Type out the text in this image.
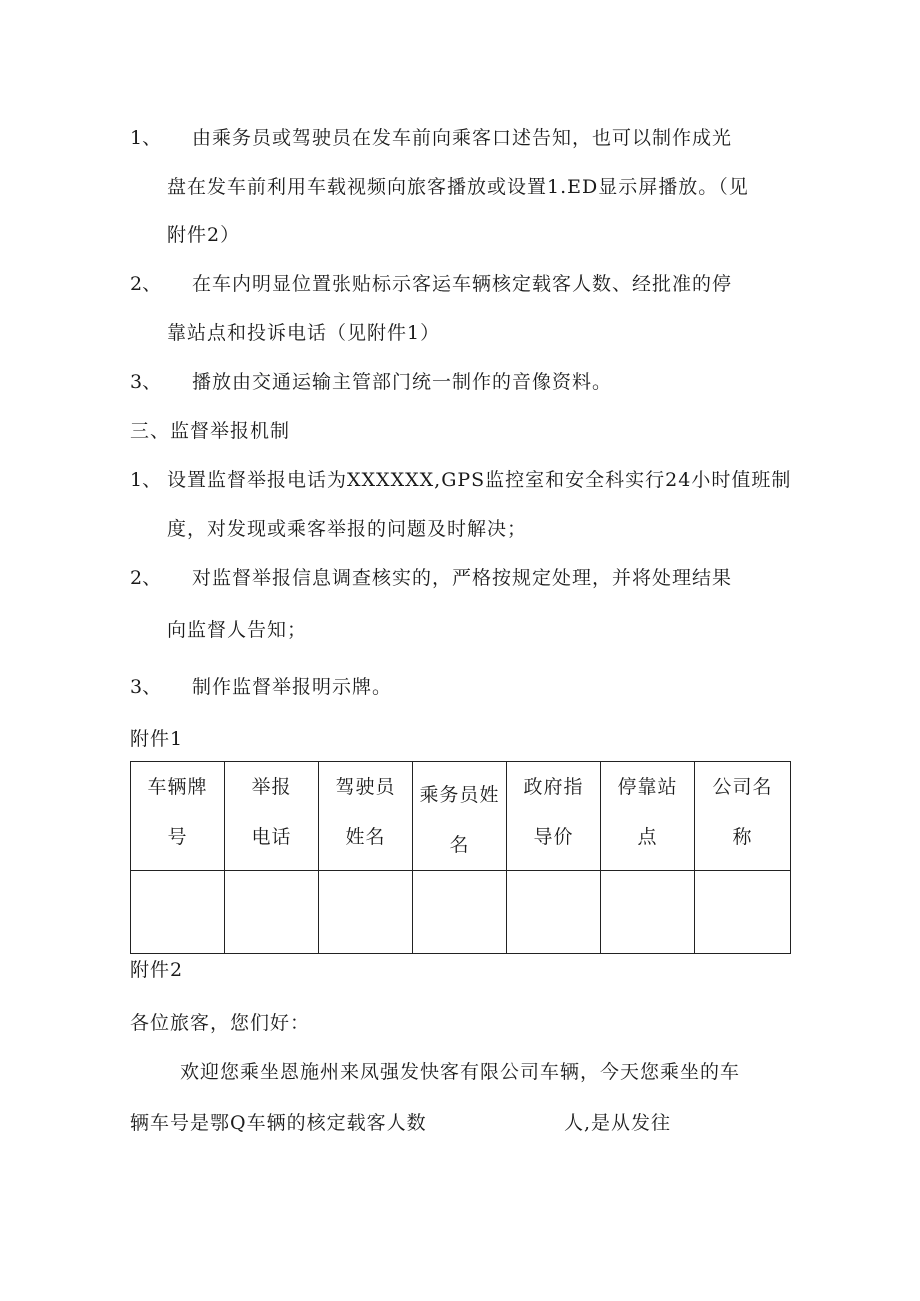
1、 由乘务员或驾驶员在发车前向乘客口述告知，也可以制作成光
盘在发车前利用车载视频向旅客播放或设置1.ED显示屏播放。（见
附件2）
2、 在车内明显位置张贴标示客运车辆核定载客人数、经批准的停
靠站点和投诉电话（见附件1）
3、 播放由交通运输主管部门统一制作的音像资料。
三、监督举报机制
1、 设置监督举报电话为XXXXXX,GPS监控室和安全科实行24小时值班制
度，对发现或乘客举报的问题及时解决；
2、 对监督举报信息调查核实的，严格按规定处理，并将处理结果
向监督人告知；
3、 制作监督举报明示牌。
附件1
车辆牌号	举报电话	驾驶员姓名	乘务员姓名	政府指导价	停靠站点	公司名称

附件2
各位旅客，您们好：
欢迎您乘坐恩施州来凤强发快客有限公司车辆，今天您乘坐的车
辆车号是鄂Q车辆的核定载客人数	人,是从发往
